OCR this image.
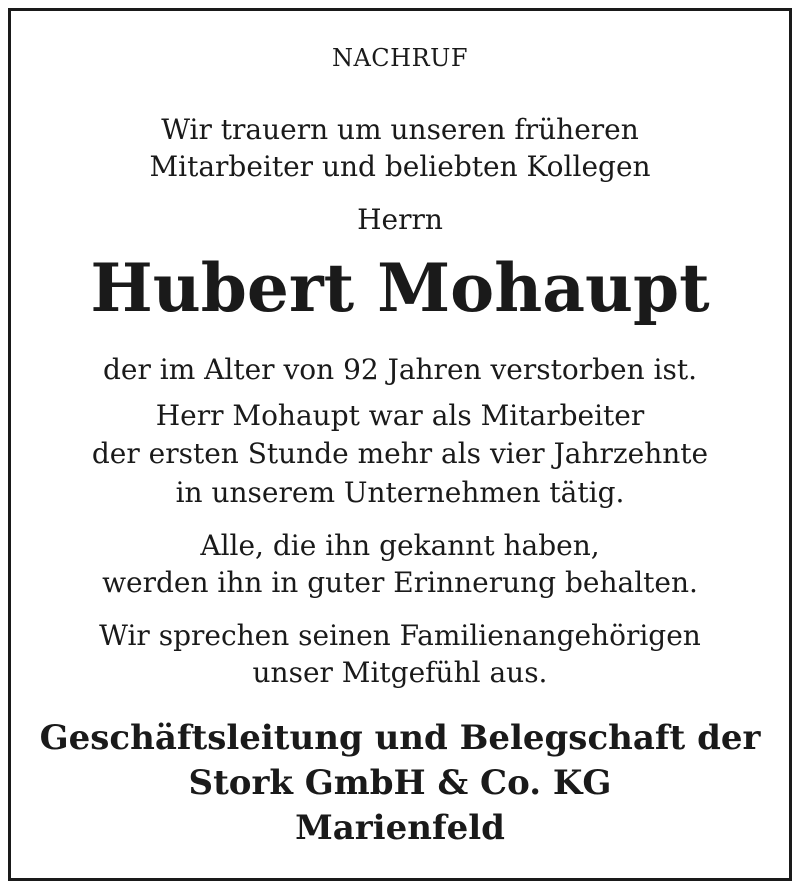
NACHRUF
Wir trauern um unseren früheren
Mitarbeiter und beliebten Kollegen
Herrn
Hubert Mohaupt
der im Alter von 92 Jahren verstorben ist.
Herr Mohaupt war als Mitarbeiter
der ersten Stunde mehr als vier Jahrzehnte
in unserem Unternehmen tätig.
Alle, die ihn gekannt haben,
werden ihn in guter Erinnerung behalten.
Wir sprechen seinen Familienangehörigen
unser Mitgefühl aus.
Geschäftsleitung und Belegschaft der
Stork GmbH & Co. KG
Marienfeld
